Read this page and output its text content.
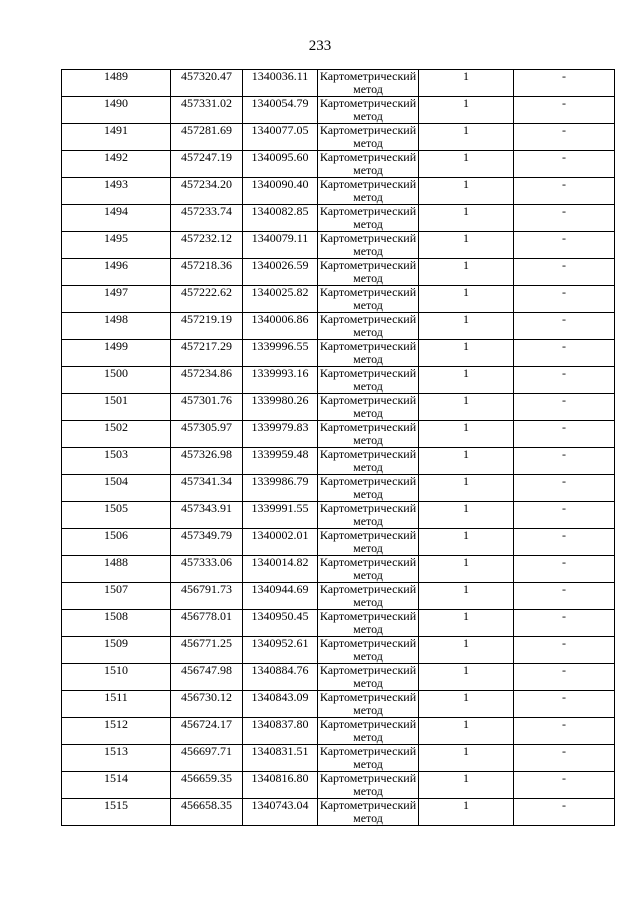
233
1489	457320.47	1340036.11	Картометрический метод	1	-
1490	457331.02	1340054.79	Картометрический метод	1	-
1491	457281.69	1340077.05	Картометрический метод	1	-
1492	457247.19	1340095.60	Картометрический метод	1	-
1493	457234.20	1340090.40	Картометрический метод	1	-
1494	457233.74	1340082.85	Картометрический метод	1	-
1495	457232.12	1340079.11	Картометрический метод	1	-
1496	457218.36	1340026.59	Картометрический метод	1	-
1497	457222.62	1340025.82	Картометрический метод	1	-
1498	457219.19	1340006.86	Картометрический метод	1	-
1499	457217.29	1339996.55	Картометрический метод	1	-
1500	457234.86	1339993.16	Картометрический метод	1	-
1501	457301.76	1339980.26	Картометрический метод	1	-
1502	457305.97	1339979.83	Картометрический метод	1	-
1503	457326.98	1339959.48	Картометрический метод	1	-
1504	457341.34	1339986.79	Картометрический метод	1	-
1505	457343.91	1339991.55	Картометрический метод	1	-
1506	457349.79	1340002.01	Картометрический метод	1	-
1488	457333.06	1340014.82	Картометрический метод	1	-
1507	456791.73	1340944.69	Картометрический метод	1	-
1508	456778.01	1340950.45	Картометрический метод	1	-
1509	456771.25	1340952.61	Картометрический метод	1	-
1510	456747.98	1340884.76	Картометрический метод	1	-
1511	456730.12	1340843.09	Картометрический метод	1	-
1512	456724.17	1340837.80	Картометрический метод	1	-
1513	456697.71	1340831.51	Картометрический метод	1	-
1514	456659.35	1340816.80	Картометрический метод	1	-
1515	456658.35	1340743.04	Картометрический метод	1	-
